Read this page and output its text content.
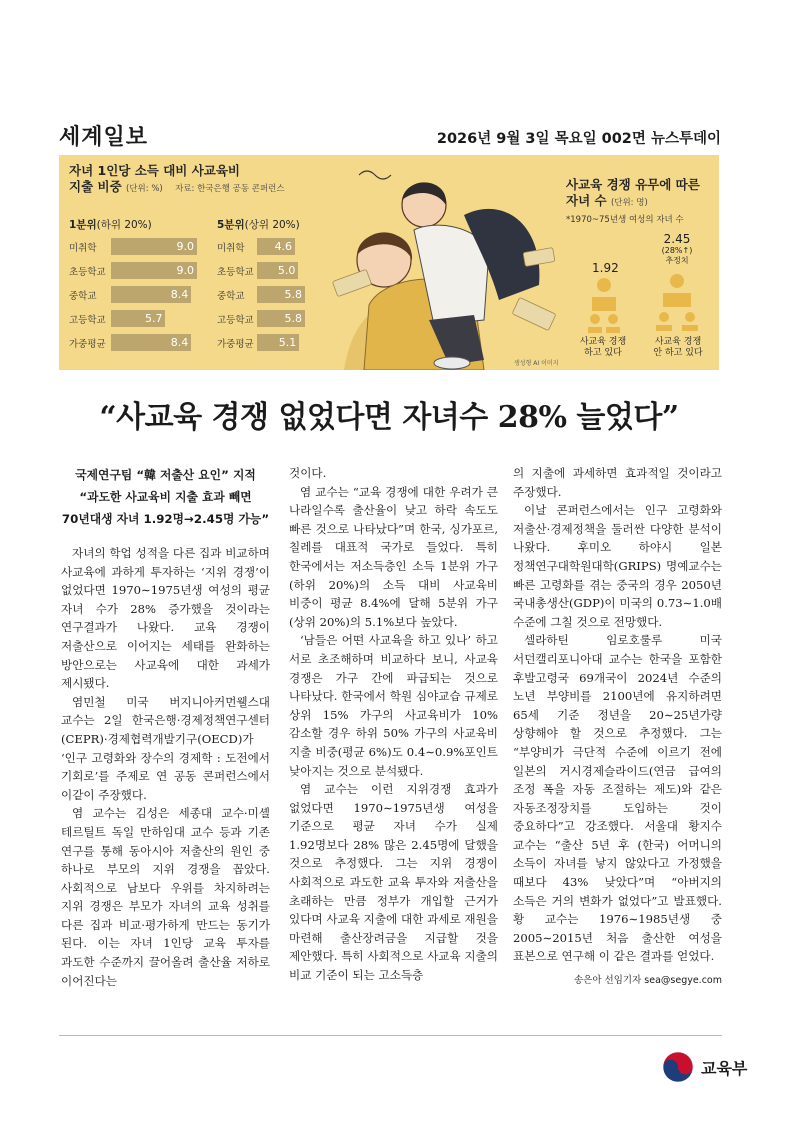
세계일보	2026년 9월 3일 목요일 002면 뉴스투데이
자녀 1인당 소득 대비 사교육비
지출 비중 (단위: %) 자료: 한국은행 공동 콘퍼런스
1분위(하위 20%)	5분위(상위 20%)
생성형 AI 이미지
사교육 경쟁 유무에 따른
자녀 수 (단위: 명)
*1970~75년생 여성의 자녀 수
1.92
2.45
(28%↑)
추정치
사교육 경쟁
하고 있다
사교육 경쟁
안 하고 있다
미취학	9.0
초등학교	9.0
중학교	8.4
고등학교	5.7
가중평균	8.4
미취학	4.6
초등학교	5.0
중학교	5.8
고등학교	5.8
가중평균	5.1
“사교육 경쟁 없었다면 자녀수 28% 늘었다”
국제연구팀 “韓 저출산 요인” 지적
“과도한 사교육비 지출 효과 빼면
70년대생 자녀 1.92명→2.45명 가능”

자녀의 학업 성적을 다른 집과 비교하며 사교육에 과하게 투자하는 ‘지위 경쟁’이 없었다면 1970∼1975년생 여성의 평균 자녀 수가 28% 증가했을 것이라는 연구결과가 나왔다. 교육 경쟁이 저출산으로 이어지는 세태를 완화하는 방안으로는 사교육에 대한 과세가 제시됐다.

염민철 미국 버지니아커먼웰스대 교수는 2일 한국은행·경제정책연구센터(CEPR)·경제협력개발기구(OECD)가 ‘인구 고령화와 장수의 경제학 : 도전에서 기회로’를 주제로 연 공동 콘퍼런스에서 이같이 주장했다.

염 교수는 김성은 세종대 교수·미셸 테르틸트 독일 만하임대 교수 등과 기존 연구를 통해 동아시아 저출산의 원인 중 하나로 부모의 지위 경쟁을 꼽았다. 사회적으로 남보다 우위를 차지하려는 지위 경쟁은 부모가 자녀의 교육 성취를 다른 집과 비교·평가하게 만드는 동기가 된다. 이는 자녀 1인당 교육 투자를 과도한 수준까지 끌어올려 출산율 저하로 이어진다는

것이다.

염 교수는 “교육 경쟁에 대한 우려가 큰 나라일수록 출산율이 낮고 하락 속도도 빠른 것으로 나타났다”며 한국, 싱가포르, 칠레를 대표적 국가로 들었다. 특히 한국에서는 저소득층인 소득 1분위 가구(하위 20%)의 소득 대비 사교육비 비중이 평균 8.4%에 달해 5분위 가구(상위 20%)의 5.1%보다 높았다.

‘남들은 어떤 사교육을 하고 있나’ 하고 서로 초조해하며 비교하다 보니, 사교육 경쟁은 가구 간에 파급되는 것으로 나타났다. 한국에서 학원 심야교습 규제로 상위 15% 가구의 사교육비가 10% 감소할 경우 하위 50% 가구의 사교육비 지출 비중(평균 6%)도 0.4∼0.9%포인트 낮아지는 것으로 분석됐다.

염 교수는 이런 지위경쟁 효과가 없었다면 1970∼1975년생 여성을 기준으로 평균 자녀 수가 실제 1.92명보다 28% 많은 2.45명에 달했을 것으로 추정했다. 그는 지위 경쟁이 사회적으로 과도한 교육 투자와 저출산을 초래하는 만큼 정부가 개입할 근거가 있다며 사교육 지출에 대한 과세로 재원을 마련해 출산장려금을 지급할 것을 제안했다. 특히 사회적으로 사교육 지출의 비교 기준이 되는 고소득층

의 지출에 과세하면 효과적일 것이라고 주장했다.

이날 콘퍼런스에서는 인구 고령화와 저출산·경제정책을 둘러싼 다양한 분석이 나왔다. 후미오 하야시 일본 정책연구대학원대학(GRIPS) 명예교수는 빠른 고령화를 겪는 중국의 경우 2050년 국내총생산(GDP)이 미국의 0.73∼1.0배 수준에 그칠 것으로 전망했다.

셀라하틴 임로호룰루 미국 서던캘리포니아대 교수는 한국을 포함한 후발고령국 69개국이 2024년 수준의 노년 부양비를 2100년에 유지하려면 65세 기준 정년을 20∼25년가량 상향해야 할 것으로 추정했다. 그는 “부양비가 극단적 수준에 이르기 전에 일본의 거시경제슬라이드(연금 급여의 조정 폭을 자동 조절하는 제도)와 같은 자동조정장치를 도입하는 것이 중요하다”고 강조했다. 서울대 황지수 교수는 “출산 5년 후 (한국) 어머니의 소득이 자녀를 낳지 않았다고 가정했을 때보다 43% 낮았다”며 “아버지의 소득은 거의 변화가 없었다”고 발표했다. 황 교수는 1976∼1985년생 중 2005∼2015년 처음 출산한 여성을 표본으로 연구해 이 같은 결과를 얻었다.

송은아 선임기자 sea@segye.com
교육부
